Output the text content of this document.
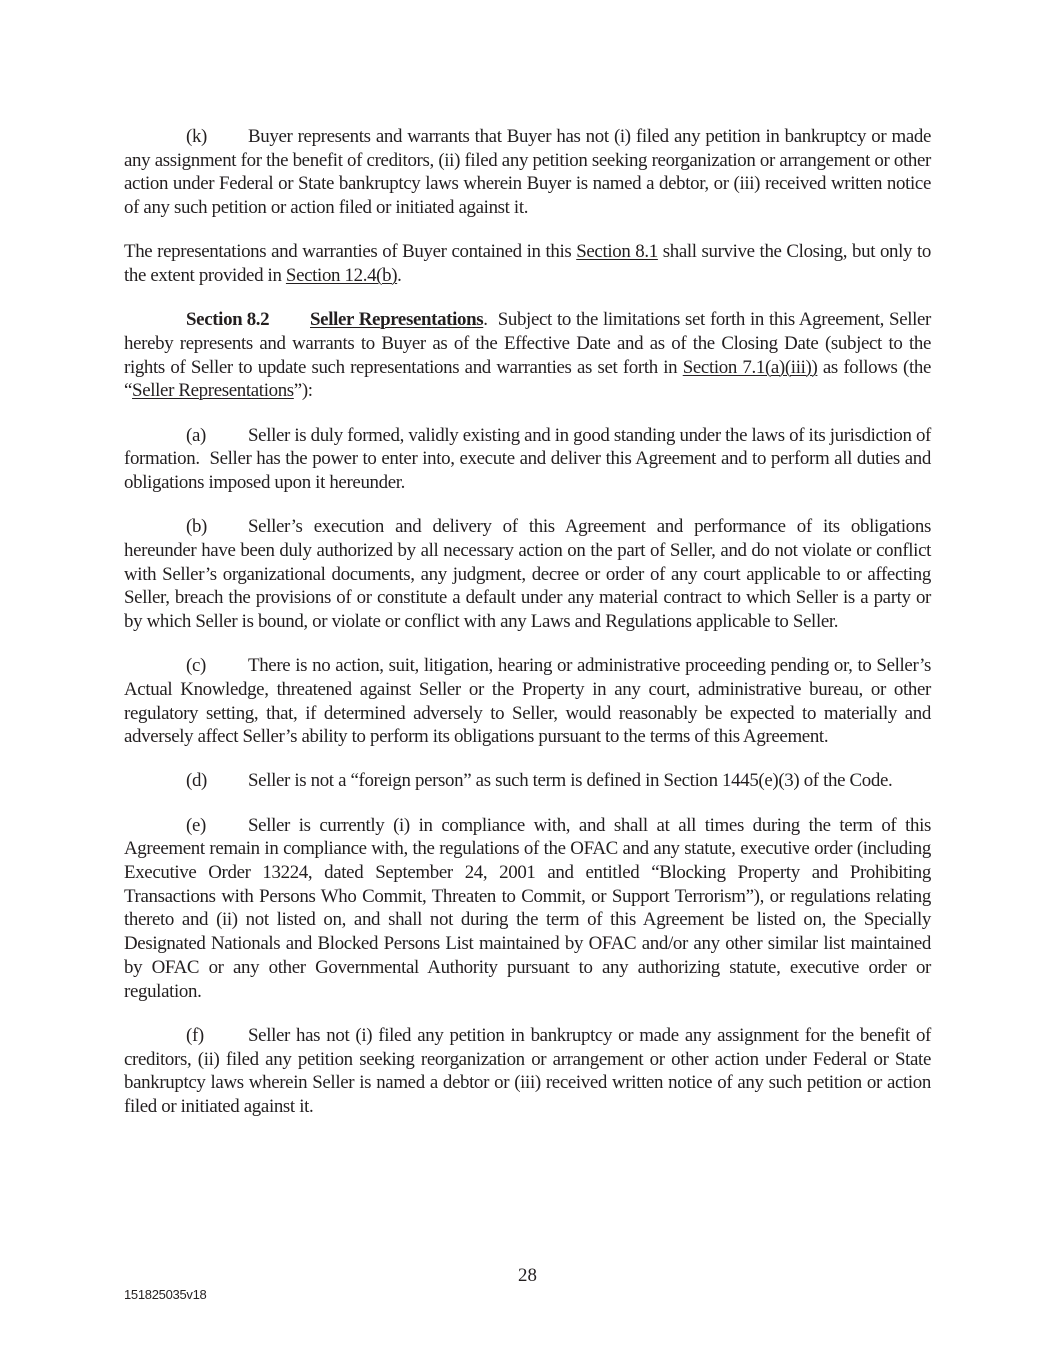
(k) Buyer represents and warrants that Buyer has not (i) filed any petition in bankruptcy or made any assignment for the benefit of creditors, (ii) filed any petition seeking reorganization or arrangement or other action under Federal or State bankruptcy laws wherein Buyer is named a debtor, or (iii) received written notice of any such petition or action filed or initiated against it.

The representations and warranties of Buyer contained in this Section 8.1 shall survive the Closing, but only to the extent provided in Section 12.4(b).

Section 8.2 Seller Representations.  Subject to the limitations set forth in this Agreement, Seller hereby represents and warrants to Buyer as of the Effective Date and as of the Closing Date (subject to the rights of Seller to update such representations and warranties as set forth in Section 7.1(a)(iii)) as follows (the “Seller Representations”):

(a) Seller is duly formed, validly existing and in good standing under the laws of its jurisdiction of formation.  Seller has the power to enter into, execute and deliver this Agreement and to perform all duties and obligations imposed upon it hereunder.

(b) Seller’s execution and delivery of this Agreement and performance of its obligations hereunder have been duly authorized by all necessary action on the part of Seller, and do not violate or conflict with Seller’s organizational documents, any judgment, decree or order of any court applicable to or affecting Seller, breach the provisions of or constitute a default under any material contract to which Seller is a party or by which Seller is bound, or violate or conflict with any Laws and Regulations applicable to Seller.

(c) There is no action, suit, litigation, hearing or administrative proceeding pending or, to Seller’s Actual Knowledge, threatened against Seller or the Property in any court, administrative bureau, or other regulatory setting, that, if determined adversely to Seller, would reasonably be expected to materially and adversely affect Seller’s ability to perform its obligations pursuant to the terms of this Agreement.

(d) Seller is not a “foreign person” as such term is defined in Section 1445(e)(3) of the Code.

(e) Seller is currently (i) in compliance with, and shall at all times during the term of this Agreement remain in compliance with, the regulations of the OFAC and any statute, executive order (including Executive Order 13224, dated September 24, 2001 and entitled “Blocking Property and Prohibiting Transactions with Persons Who Commit, Threaten to Commit, or Support Terrorism”), or regulations relating thereto and (ii) not listed on, and shall not during the term of this Agreement be listed on, the Specially Designated Nationals and Blocked Persons List maintained by OFAC and/or any other similar list maintained by OFAC or any other Governmental Authority pursuant to any authorizing statute, executive order or regulation.

(f) Seller has not (i) filed any petition in bankruptcy or made any assignment for the benefit of creditors, (ii) filed any petition seeking reorganization or arrangement or other action under Federal or State bankruptcy laws wherein Seller is named a debtor or (iii) received written notice of any such petition or action filed or initiated against it.

28
151825035v18
